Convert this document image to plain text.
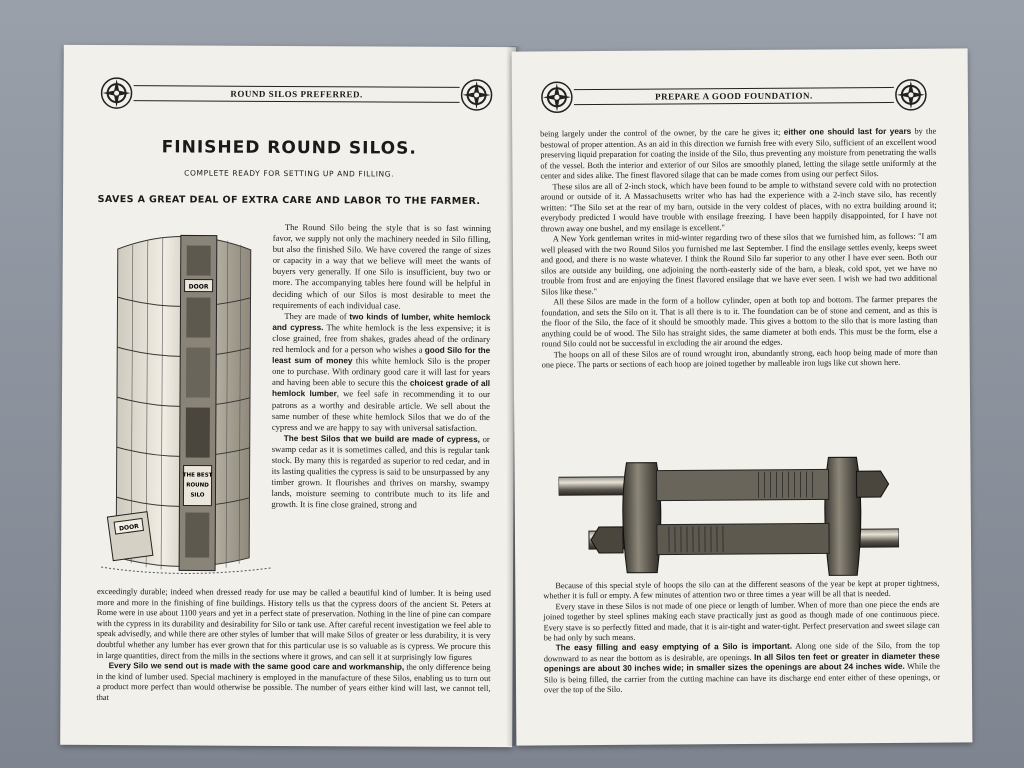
ROUND SILOS PREFERRED.
FINISHED ROUND SILOS.
COMPLETE READY FOR SETTING UP AND FILLING.
SAVES A GREAT DEAL OF EXTRA CARE AND LABOR TO THE FARMER.
DOOR
THE BEST
ROUND
SILO
DOOR

The Round Silo being the style that is so fast winning favor, we supply not only the machinery needed in Silo filling, but also the finished Silo. We have covered the range of sizes or capacity in a way that we believe will meet the wants of buyers very generally. If one Silo is insufficient, buy two or more. The accompanying tables here found will be helpful in deciding which of our Silos is most desirable to meet the requirements of each individual case.

They are made of two kinds of lumber, white hemlock and cypress. The white hemlock is the less expensive; it is close grained, free from shakes, grades ahead of the ordinary red hemlock and for a person who wishes a good Silo for the least sum of money this white hemlock Silo is the proper one to purchase. With ordinary good care it will last for years and having been able to secure this the choicest grade of all hemlock lumber, we feel safe in recommending it to our patrons as a worthy and desirable article. We sell about the same number of these white hemlock Silos that we do of the cypress and we are happy to say with universal satisfaction.

The best Silos that we build are made of cypress, or swamp cedar as it is sometimes called, and this is regular tank stock. By many this is regarded as superior to red cedar, and in its lasting qualities the cypress is said to be unsurpassed by any timber grown. It flourishes and thrives on marshy, swampy lands, moisture seeming to contribute much to its life and growth. It is fine close grained, strong and

exceedingly durable; indeed when dressed ready for use may be called a beautiful kind of lumber. It is being used more and more in the finishing of fine buildings. History tells us that the cypress doors of the ancient St. Peters at Rome were in use about 1100 years and yet in a perfect state of preservation. Nothing in the line of pine can compare with the cypress in its durability and desirability for Silo or tank use. After careful recent investigation we feel able to speak advisedly, and while there are other styles of lumber that will make Silos of greater or less durability, it is very doubtful whether any lumber has ever grown that for this particular use is so valuable as is cypress. We procure this in large quantities, direct from the mills in the sections where it grows, and can sell it at surprisingly low figures

Every Silo we send out is made with the same good care and workmanship, the only difference being in the kind of lumber used. Special machinery is employed in the manufacture of these Silos, enabling us to turn out a product more perfect than would otherwise be possible. The number of years either kind will last, we cannot tell, that

PREPARE A GOOD FOUNDATION.

being largely under the control of the owner, by the care he gives it; either one should last for years by the bestowal of proper attention. As an aid in this direction we furnish free with every Silo, sufficient of an excellent wood preserving liquid preparation for coating the inside of the Silo, thus preventing any moisture from penetrating the walls of the vessel. Both the interior and exterior of our Silos are smoothly planed, letting the silage settle uniformly at the center and sides alike. The finest flavored silage that can be made comes from using our perfect Silos.

These silos are all of 2-inch stock, which have been found to be ample to withstand severe cold with no protection around or outside of it. A Massachusetts writer who has had the experience with a 2-inch stave silo, has recently written: "The Silo set at the rear of my barn, outside in the very coldest of places, with no extra building around it; everybody predicted I would have trouble with ensilage freezing. I have been happily disappointed, for I have not thrown away one bushel, and my ensilage is excellent."

A New York gentleman writes in mid-winter regarding two of these silos that we furnished him, as follows: "I am well pleased with the two Round Silos you furnished me last September. I find the ensilage settles evenly, keeps sweet and good, and there is no waste whatever. I think the Round Silo far superior to any other I have ever seen. Both our silos are outside any building, one adjoining the north-easterly side of the barn, a bleak, cold spot, yet we have no trouble from frost and are enjoying the finest flavored ensilage that we have ever seen. I wish we had two additional Silos like these."

All these Silos are made in the form of a hollow cylinder, open at both top and bottom. The farmer prepares the foundation, and sets the Silo on it. That is all there is to it. The foundation can be of stone and cement, and as this is the floor of the Silo, the face of it should be smoothly made. This gives a bottom to the silo that is more lasting than anything could be of wood. The Silo has straight sides, the same diameter at both ends. This must be the form, else a round Silo could not be successful in excluding the air around the edges.

The hoops on all of these Silos are of round wrought iron, abundantly strong, each hoop being made of more than one piece. The parts or sections of each hoop are joined together by malleable iron lugs like cut shown here.

Because of this special style of hoops the silo can at the different seasons of the year be kept at proper tightness, whether it is full or empty. A few minutes of attention two or three times a year will be all that is needed.

Every stave in these Silos is not made of one piece or length of lumber. When of more than one piece the ends are joined together by steel splines making each stave practically just as good as though made of one continuous piece. Every stave is so perfectly fitted and made, that it is air-tight and water-tight. Perfect preservation and sweet silage can be had only by such means.

The easy filling and easy emptying of a Silo is important. Along one side of the Silo, from the top downward to as near the bottom as is desirable, are openings. In all Silos ten feet or greater in diameter these openings are about 30 inches wide; in smaller sizes the openings are about 24 inches wide. While the Silo is being filled, the carrier from the cutting machine can have its discharge end enter either of these openings, or over the top of the Silo.
